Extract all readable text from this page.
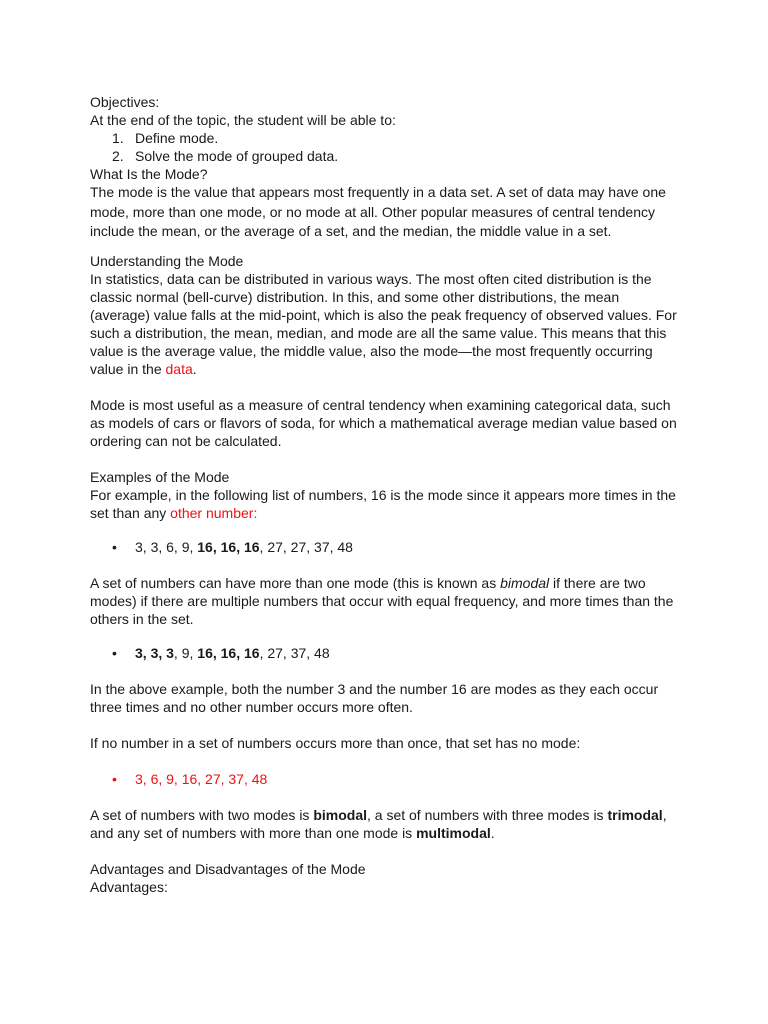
Objectives:

At the end of the topic, the student will be able to:

1. Define mode.
2. Solve the mode of grouped data.

What Is the Mode?

The mode is the value that appears most frequently in a data set. A set of data may have one mode, more than one mode, or no mode at all. Other popular measures of central tendency include the mean, or the average of a set, and the median, the middle value in a set.

Understanding the Mode

In statistics, data can be distributed in various ways. The most often cited distribution is the classic normal (bell-curve) distribution. In this, and some other distributions, the mean (average) value falls at the mid-point, which is also the peak frequency of observed values. For such a distribution, the mean, median, and mode are all the same value. This means that this value is the average value, the middle value, also the mode—the most frequently occurring value in the data.

Mode is most useful as a measure of central tendency when examining categorical data, such as models of cars or flavors of soda, for which a mathematical average median value based on ordering can not be calculated.

Examples of the Mode

For example, in the following list of numbers, 16 is the mode since it appears more times in the set than any other number:

• 3, 3, 6, 9, 16, 16, 16, 27, 27, 37, 48

A set of numbers can have more than one mode (this is known as bimodal if there are two modes) if there are multiple numbers that occur with equal frequency, and more times than the others in the set.

• 3, 3, 3, 9, 16, 16, 16, 27, 37, 48

In the above example, both the number 3 and the number 16 are modes as they each occur three times and no other number occurs more often.

If no number in a set of numbers occurs more than once, that set has no mode:

• 3, 6, 9, 16, 27, 37, 48

A set of numbers with two modes is bimodal, a set of numbers with three modes is trimodal, and any set of numbers with more than one mode is multimodal.

Advantages and Disadvantages of the Mode

Advantages:
